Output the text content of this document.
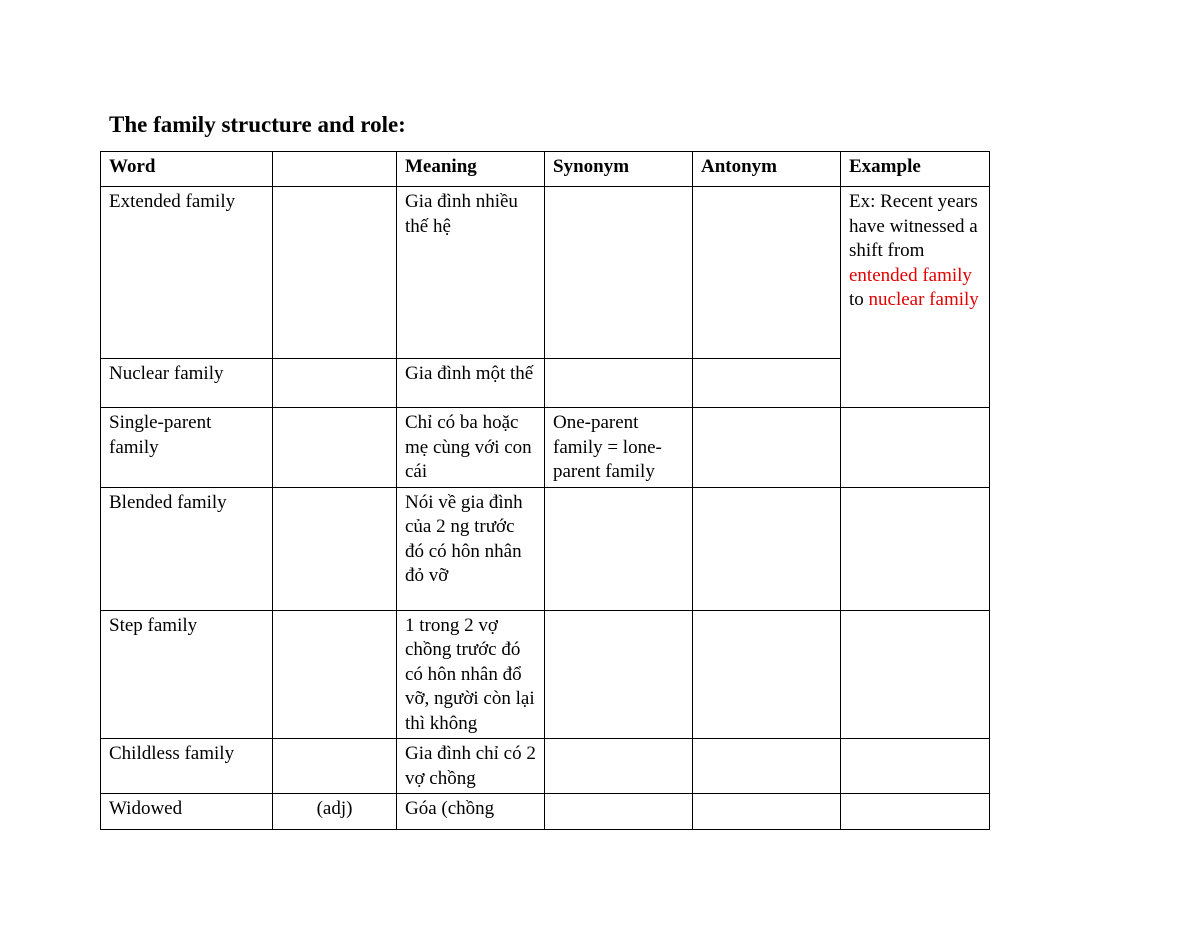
The family structure and role:
Word		Meaning	Synonym	Antonym	Example
Extended family		Gia đình nhiều thế hệ			Ex: Recent years have witnessed a shift from entended family to nuclear family
Nuclear family		Gia đình một thế			
Single-parent family		Chỉ có ba hoặc mẹ cùng với con cái	One-parent family = lone-parent family		
Blended family		Nói về gia đình của 2 ng trước đó có hôn nhân đỏ vỡ			
Step family		1 trong 2 vợ chồng trước đó có hôn nhân đổ vỡ, người còn lại thì không			
Childless family		Gia đình chỉ có 2 vợ chồng			
Widowed	(adj)	Góa (chồng			
